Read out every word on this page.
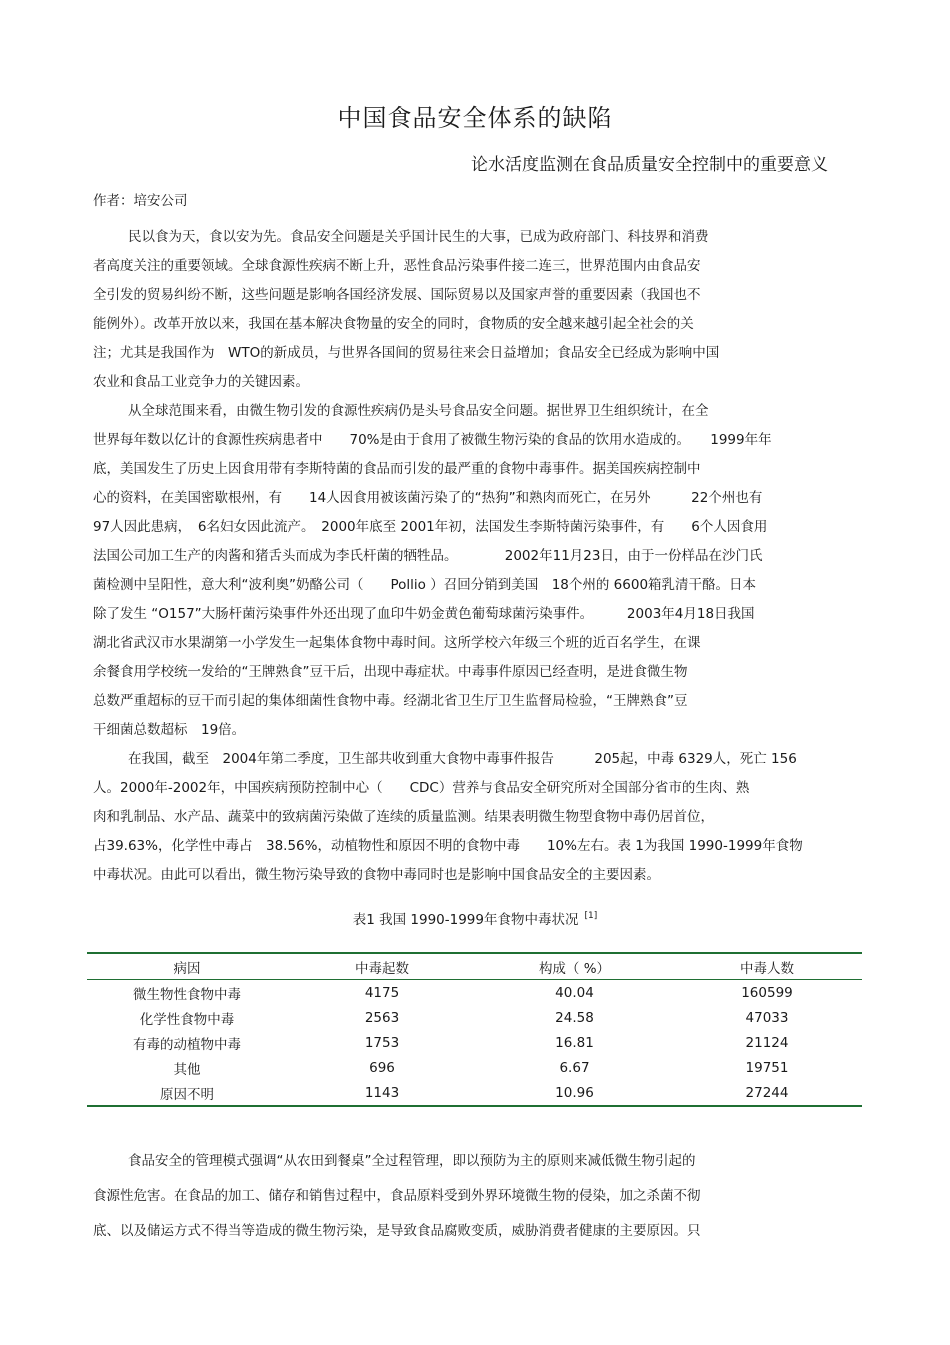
中国食品安全体系的缺陷
论水活度监测在食品质量安全控制中的重要意义
作者：培安公司
民以食为天，食以安为先。食品安全问题是关乎国计民生的大事，已成为政府部门、科技界和消费
者高度关注的重要领域。全球食源性疾病不断上升，恶性食品污染事件接二连三，世界范围内由食品安
全引发的贸易纠纷不断，这些问题是影响各国经济发展、国际贸易以及国家声誉的重要因素（我国也不
能例外）。改革开放以来，我国在基本解决食物量的安全的同时，食物质的安全越来越引起全社会的关
注；尤其是我国作为　WTO的新成员，与世界各国间的贸易往来会日益增加；食品安全已经成为影响中国
农业和食品工业竞争力的关键因素。
从全球范围来看，由微生物引发的食源性疾病仍是头号食品安全问题。据世界卫生组织统计，在全
世界每年数以亿计的食源性疾病患者中　　70%是由于食用了被微生物污染的食品的饮用水造成的。　　1999年年
底，美国发生了历史上因食用带有李斯特菌的食品而引发的最严重的食物中毒事件。据美国疾病控制中
心的资料，在美国密歇根州，有　　14人因食用被该菌污染了的“热狗”和熟肉而死亡，在另外　　　22个州也有
97人因此患病，　6名妇女因此流产。　2000年底至 2001年初，法国发生李斯特菌污染事件，有　　6个人因食用
法国公司加工生产的肉酱和猪舌头而成为李氏杆菌的牺牲品。　　　　2002年11月23日，由于一份样品在沙门氏
菌检测中呈阳性，意大利“波利奥”奶酪公司（　　Pollio ）召回分销到美国　18个州的 6600箱乳清干酪。日本
除了发生 “O157”大肠杆菌污染事件外还出现了血印牛奶金黄色葡萄球菌污染事件。　　　2003年4月18日我国
湖北省武汉市水果湖第一小学发生一起集体食物中毒时间。这所学校六年级三个班的近百名学生，在课
余餐食用学校统一发给的“王牌熟食”豆干后，出现中毒症状。中毒事件原因已经查明，是进食微生物
总数严重超标的豆干而引起的集体细菌性食物中毒。经湖北省卫生厅卫生监督局检验，“王牌熟食”豆
干细菌总数超标　19倍。
在我国，截至　2004年第二季度，卫生部共收到重大食物中毒事件报告　　　205起，中毒 6329人，死亡 156
人。2000年-2002年，中国疾病预防控制中心（　　CDC）营养与食品安全研究所对全国部分省市的生肉、熟
肉和乳制品、水产品、蔬菜中的致病菌污染做了连续的质量监测。结果表明微生物型食物中毒仍居首位，
占39.63%，化学性中毒占　38.56%，动植物性和原因不明的食物中毒　　10%左右。表 1为我国 1990-1999年食物
中毒状况。由此可以看出，微生物污染导致的食物中毒同时也是影响中国食品安全的主要因素。
表1 我国 1990-1999年食物中毒状况 [1]
病因	中毒起数	构成（ %）	中毒人数
微生物性食物中毒	4175	40.04	160599
化学性食物中毒	2563	24.58	47033
有毒的动植物中毒	1753	16.81	21124
其他	696	6.67	19751
原因不明	1143	10.96	27244
食品安全的管理模式强调“从农田到餐桌”全过程管理，即以预防为主的原则来减低微生物引起的
食源性危害。在食品的加工、储存和销售过程中，食品原料受到外界环境微生物的侵染，加之杀菌不彻
底、以及储运方式不得当等造成的微生物污染，是导致食品腐败变质，威胁消费者健康的主要原因。只
